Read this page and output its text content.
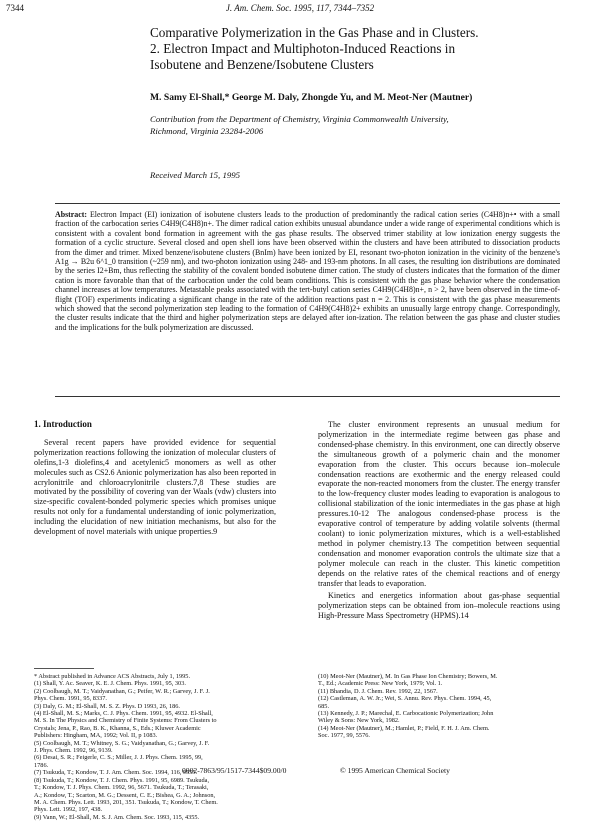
7344	J. Am. Chem. Soc. 1995, 117, 7344–7352
Comparative Polymerization in the Gas Phase and in Clusters.
2. Electron Impact and Multiphoton-Induced Reactions in
Isobutene and Benzene/Isobutene Clusters
M. Samy El-Shall,* George M. Daly, Zhongde Yu, and M. Meot-Ner (Mautner)
Contribution from the Department of Chemistry, Virginia Commonwealth University,
Richmond, Virginia 23284-2006
Received March 15, 1995
Abstract: Electron Impact (EI) ionization of isobutene clusters leads to the production of predominantly the radical cation series (C4H8)n+• with a small fraction of the carbocation series C4H9(C4H8)n+. The dimer radical cation exhibits unusual abundance under a wide range of experimental conditions which is consistent with a covalent bond formation in agreement with the gas phase results. The observed trimer stability at low ionization energy suggests the formation of a cyclic structure. Several closed and open shell ions have been observed within the clusters and have been attributed to dissociation products from the dimer and trimer. Mixed benzene/isobutene clusters (BnIm) have been ionized by EI, resonant two-photon ionization in the vicinity of the benzene's A1g → B2u 6^1_0 transition (~259 nm), and two-photon ionization using 248- and 193-nm photons. In all cases, the resulting ion distributions are dominated by the series I2+Bm, thus reflecting the stability of the covalent bonded isobutene dimer cation. The study of clusters indicates that the formation of the dimer cation is more favorable than that of the carbocation under the cold beam conditions. This is consistent with the gas phase behavior where the condensation channel increases at low temperatures. Metastable peaks associated with the tert-butyl cation series C4H9(C4H8)n+, n > 2, have been observed in the time-of-flight (TOF) experiments indicating a significant change in the rate of the addition reactions past n = 2. This is consistent with the gas phase measurements which showed that the second polymerization step leading to the formation of C4H9(C4H8)2+ exhibits an unusually large entropy change. Correspondingly, the cluster results indicate that the third and higher polymerization steps are delayed after ion-ization. The relation between the gas phase and cluster studies and the implications for the bulk polymerization are discussed.
1. Introduction

Several recent papers have provided evidence for sequential polymerization reactions following the ionization of molecular clusters of olefins,1-3 diolefins,4 and acetylenic5 monomers as well as other molecules such as CS2.6 Anionic polymerization has also been reported in acrylonitrile and chloroacrylonitrile clusters.7,8 These studies are motivated by the possibility of covering van der Waals (vdw) clusters into size-specific covalent-bonded polymeric species which promises unique results not only for a fundamental understanding of ionic polymerization, including the elucidation of new initiation mechanisms, but also for the development of novel materials with unique properties.9

The cluster environment represents an unusual medium for polymerization in the intermediate regime between gas phase and condensed-phase chemistry. In this environment, one can directly observe the simultaneous growth of a polymeric chain and the monomer evaporation from the cluster. This occurs because ion–molecule condensation reactions are exothermic and the energy released could evaporate the non-reacted monomers from the cluster. The energy transfer to the low-frequency cluster modes leading to evaporation is analogous to collisional stabilization of the ionic intermediates in the gas phase at high pressures.10-12 The analogous condensed-phase process is the evaporative control of temperature by adding volatile solvents (thermal coolant) to ionic polymerization mixtures, which is a well-established method in polymer chemistry.13 The competition between sequential condensation and monomer evaporation controls the ultimate size that a polymer molecule can reach in the cluster. This kinetic competition depends on the relative rates of the chemical reactions and of energy transfer that leads to evaporation.

Kinetics and energetics information about gas-phase sequential polymerization steps can be obtained from ion–molecule reactions using High-Pressure Mass Spectrometry (HPMS).14

* Abstract published in Advance ACS Abstracts, July 1, 1995.
(1) Shall, Y. Ac. Seaver, K. E. J. Chem. Phys. 1991, 95, 303.
(2) Coolbaugh, M. T.; Vaidyanathan, G.; Peifer, W. R.; Garvey, J. F. J.
Phys. Chem. 1991, 95, 8337.
(3) Daly, G. M.; El-Shall, M. S. Z. Phys. D 1993, 26, 186.
(4) El-Shall, M. S.; Marks, C. J. Phys. Chem. 1991, 95, 4932. El-Shall,
M. S. In The Physics and Chemistry of Finite Systems: From Clusters to
Crystals; Jena, P., Rao, B. K., Khanna, S., Eds.; Kluwer Academic
Publishers: Hingham, MA, 1992; Vol. II, p 1083.
(5) Coolbaugh, M. T.; Whitney, S. G.; Vaidyanathan, G.; Garvey, J. F.
J. Phys. Chem. 1992, 96, 9139.
(6) Desai, S. R.; Feigerle, C. S.; Miller, J. J. Phys. Chem. 1995, 99,
1786.
(7) Tsukuda, T.; Kondow, T. J. Am. Chem. Soc. 1994, 116, 9555.
(8) Tsukuda, T.; Kondow, T. J. Chem. Phys. 1991, 95, 6989. Tsukuda,
T.; Kondow, T. J. Phys. Chem. 1992, 96, 5671. Tsukuda, T.; Terasaki,
A.; Kondow, T.; Scarton, M. G.; Dessent, C. E.; Bishea, G. A.; Johnson,
M. A. Chem. Phys. Lett. 1993, 201, 351. Tsukuda, T.; Kondow, T. Chem.
Phys. Lett. 1992, 197, 438.
(9) Vann, W.; El-Shall, M. S. J. Am. Chem. Soc. 1993, 115, 4355.
(10) Meot-Ner (Mautner), M. In Gas Phase Ion Chemistry; Bowers, M.
T., Ed.; Academic Press: New York, 1979; Vol. 1.
(11) Bhandia, D. J. Chem. Rev. 1992, 22, 1567.
(12) Castleman, A. W. Jr.; Wei, S. Annu. Rev. Phys. Chem. 1994, 45,
685.
(13) Kennedy, J. P.; Marechal, E. Carbocationic Polymerization; John
Wiley & Sons: New York, 1982.
(14) Meot-Ner (Mautner), M.; Hamlet, P.; Field, F. H. J. Am. Chem.
Soc. 1977, 99, 5576.
0002-7863/95/1517-7344$09.00/0	© 1995 American Chemical Society
